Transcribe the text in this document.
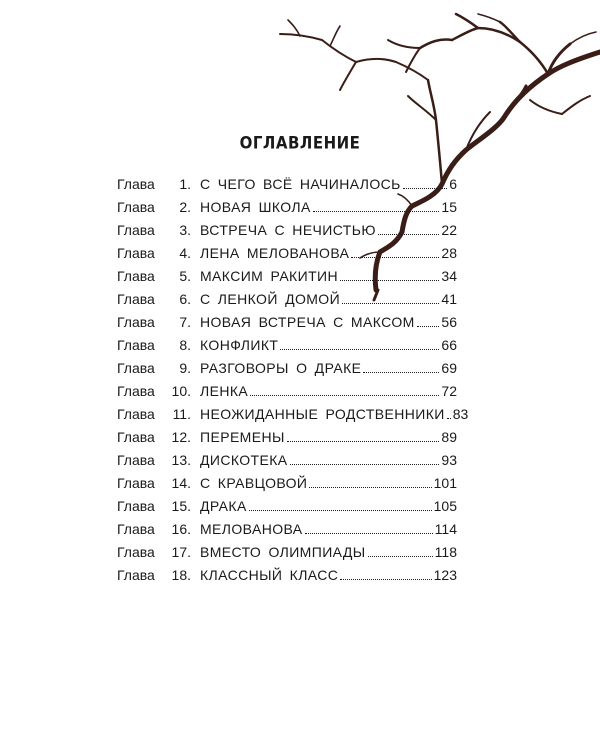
ОГЛАВЛЕНИЕ
Глава	1. С ЧЕГО ВСЁ НАЧИНАЛОСЬ	6
Глава	2. НОВАЯ ШКОЛА	15
Глава	3. ВСТРЕЧА С НЕЧИСТЬЮ	22
Глава	4. ЛЕНА МЕЛОВАНОВА	28
Глава	5. МАКСИМ РАКИТИН	34
Глава	6. С ЛЕНКОЙ ДОМОЙ	41
Глава	7. НОВАЯ ВСТРЕЧА С МАКСОМ 56
Глава	8. КОНФЛИКТ	66
Глава	9. РАЗГОВОРЫ О ДРАКЕ	69
Глава	10. ЛЕНКА	72
Глава	11. НЕОЖИДАННЫЕ РОДСТВЕННИКИ 83
Глава	12. ПЕРЕМЕНЫ	89
Глава	13. ДИСКОТЕКА	93
Глава	14. С КРАВЦОВОЙ	101
Глава	15. ДРАКА	105
Глава	16. МЕЛОВАНОВА	114
Глава	17. ВМЕСТО ОЛИМПИАДЫ	118
Глава	18. КЛАССНЫЙ КЛАСС	123
